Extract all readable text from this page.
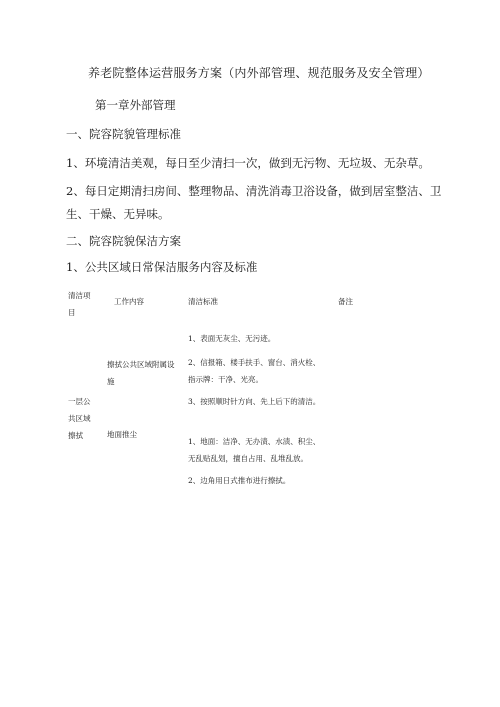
养老院整体运营服务方案（内外部管理、规范服务及安全管理）
第一章外部管理
一、院容院貌管理标准
1、环境清洁美观，每日至少清扫一次，做到无污物、无垃圾、无杂草。
2、每日定期清扫房间、整理物品、清洗消毒卫浴设备，做到居室整洁、卫
生、干燥、无异味。
二、院容院貌保洁方案
1、公共区域日常保洁服务内容及标准
清洁项
目
工作内容	清洁标准	备注
一层公
共区域
擦拭
擦拭公共区域附属设
施
1、表面无灰尘、无污迹。
2、信报箱、楼手扶手、窗台、消火栓、
指示牌：干净、光亮。
3、按照顺时针方向、先上后下的清洁。
地面推尘
1、地面：洁净、无办渍、水渍、积尘、
无乱贴乱划，擅自占用、乱堆乱放。
2、边角用日式推布进行擦拭。
